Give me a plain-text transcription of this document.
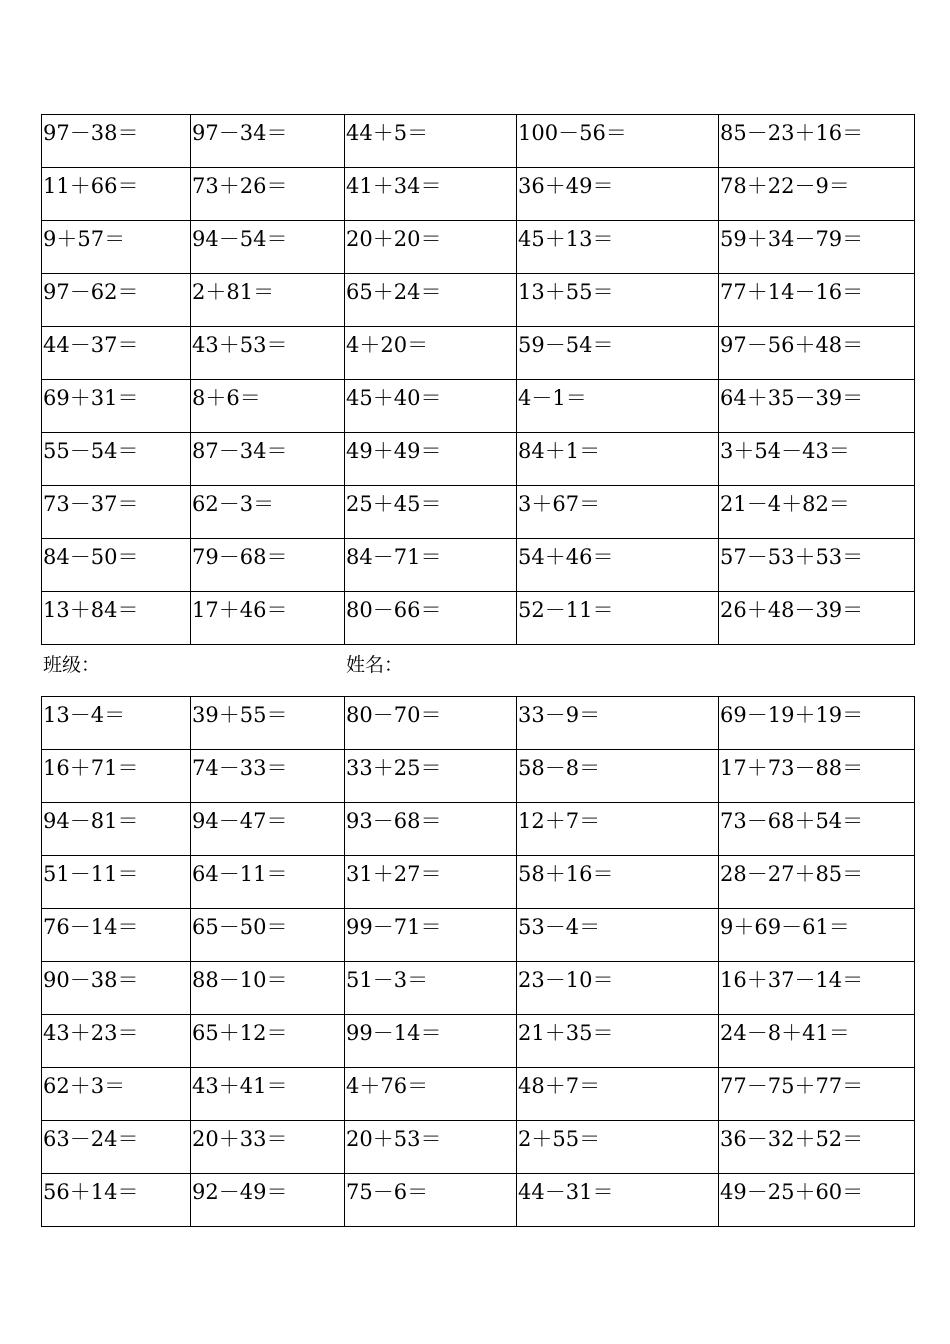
97－38＝	97－34＝	44＋5＝	100－56＝	85－23＋16＝
11＋66＝	73＋26＝	41＋34＝	36＋49＝	78＋22－9＝
9＋57＝	94－54＝	20＋20＝	45＋13＝	59＋34－79＝
97－62＝	2＋81＝	65＋24＝	13＋55＝	77＋14－16＝
44－37＝	43＋53＝	4＋20＝	59－54＝	97－56＋48＝
69＋31＝	8＋6＝	45＋40＝	4－1＝	64＋35－39＝
55－54＝	87－34＝	49＋49＝	84＋1＝	3＋54－43＝
73－37＝	62－3＝	25＋45＝	3＋67＝	21－4＋82＝
84－50＝	79－68＝	84－71＝	54＋46＝	57－53＋53＝
13＋84＝	17＋46＝	80－66＝	52－11＝	26＋48－39＝
班级：	姓名：
13－4＝	39＋55＝	80－70＝	33－9＝	69－19＋19＝
16＋71＝	74－33＝	33＋25＝	58－8＝	17＋73－88＝
94－81＝	94－47＝	93－68＝	12＋7＝	73－68＋54＝
51－11＝	64－11＝	31＋27＝	58＋16＝	28－27＋85＝
76－14＝	65－50＝	99－71＝	53－4＝	9＋69－61＝
90－38＝	88－10＝	51－3＝	23－10＝	16＋37－14＝
43＋23＝	65＋12＝	99－14＝	21＋35＝	24－8＋41＝
62＋3＝	43＋41＝	4＋76＝	48＋7＝	77－75＋77＝
63－24＝	20＋33＝	20＋53＝	2＋55＝	36－32＋52＝
56＋14＝	92－49＝	75－6＝	44－31＝	49－25＋60＝
